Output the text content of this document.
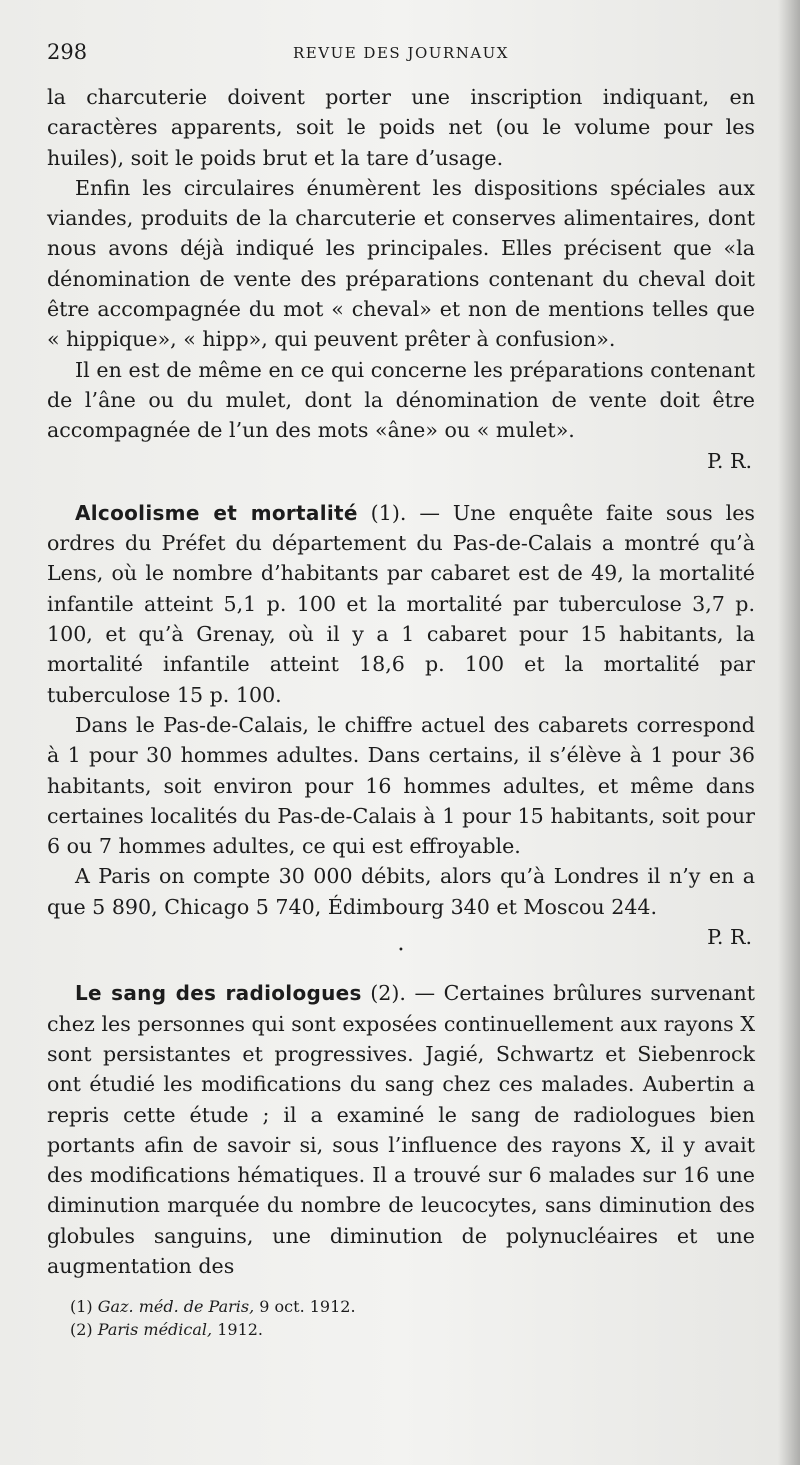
298	REVUE DES JOURNAUX

la charcuterie doivent porter une inscription indiquant, en caractères apparents, soit le poids net (ou le volume pour les huiles), soit le poids brut et la tare d’usage.

Enfin les circulaires énumèrent les dispositions spéciales aux viandes, produits de la charcuterie et conserves alimentaires, dont nous avons déjà indiqué les principales. Elles précisent que «la dénomination de vente des préparations contenant du cheval doit être accompagnée du mot « cheval» et non de mentions telles que « hippique», « hipp», qui peuvent prêter à confusion».

Il en est de même en ce qui concerne les préparations contenant de l’âne ou du mulet, dont la dénomination de vente doit être accompagnée de l’un des mots «âne» ou « mulet».

P. R.

Alcoolisme et mortalité (1). — Une enquête faite sous les ordres du Préfet du département du Pas-de-Calais a montré qu’à Lens, où le nombre d’habitants par cabaret est de 49, la mortalité infantile atteint 5,1 p. 100 et la mortalité par tuberculose 3,7 p. 100, et qu’à Grenay, où il y a 1 cabaret pour 15 habitants, la mortalité infantile atteint 18,6 p. 100 et la mortalité par tuberculose 15 p. 100.

Dans le Pas-de-Calais, le chiffre actuel des cabarets correspond à 1 pour 30 hommes adultes. Dans certains, il s’élève à 1 pour 36 habitants, soit environ pour 16 hommes adultes, et même dans certaines localités du Pas-de-Calais à 1 pour 15 habitants, soit pour 6 ou 7 hommes adultes, ce qui est effroyable.

A Paris on compte 30 000 débits, alors qu’à Londres il n’y en a que 5 890, Chicago 5 740, Édimbourg 340 et Moscou 244.

P. R.

•

Le sang des radiologues (2). — Certaines brûlures survenant chez les personnes qui sont exposées continuellement aux rayons X sont persistantes et progressives. Jagié, Schwartz et Siebenrock ont étudié les modifications du sang chez ces malades. Aubertin a repris cette étude ; il a examiné le sang de radiologues bien portants afin de savoir si, sous l’influence des rayons X, il y avait des modifications hématiques. Il a trouvé sur 6 malades sur 16 une diminution marquée du nombre de leucocytes, sans diminution des globules sanguins, une diminution de polynucléaires et une augmentation des

(1) Gaz. méd. de Paris, 9 oct. 1912.
(2) Paris médical, 1912.
